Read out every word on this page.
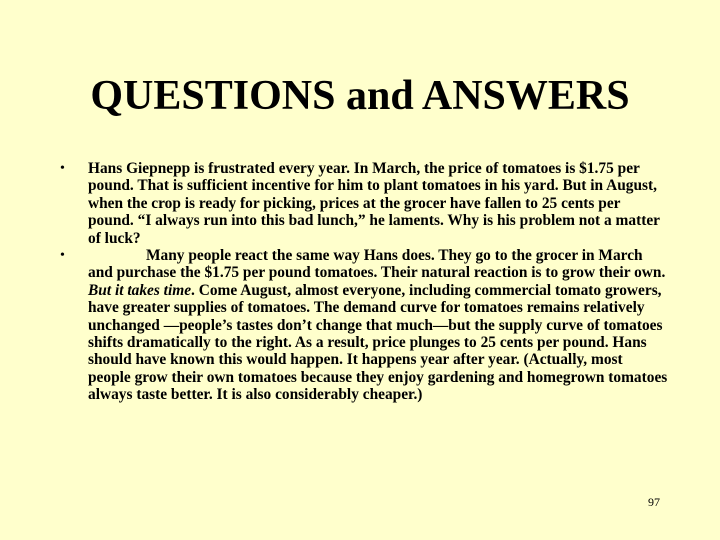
QUESTIONS and ANSWERS
• Hans Giepnepp is frustrated every year. In March, the price of tomatoes is $1.75 per pound. That is sufficient incentive for him to plant tomatoes in his yard. But in August, when the crop is ready for picking, prices at the grocer have fallen to 25 cents per pound. “I always run into this bad lunch,” he laments. Why is his problem not a matter of luck?
•	Many people react the same way Hans does. They go to the grocer in March and purchase the $1.75 per pound tomatoes. Their natural reaction is to grow their own. But it takes time. Come August, almost everyone, including commercial tomato growers, have greater supplies of tomatoes. The demand curve for tomatoes remains relatively unchanged —people’s tastes don’t change that much—but the supply curve of tomatoes shifts dramatically to the right. As a result, price plunges to 25 cents per pound. Hans should have known this would happen. It happens year after year. (Actually, most people grow their own tomatoes because they enjoy gardening and homegrown tomatoes always taste better. It is also considerably cheaper.)
97
